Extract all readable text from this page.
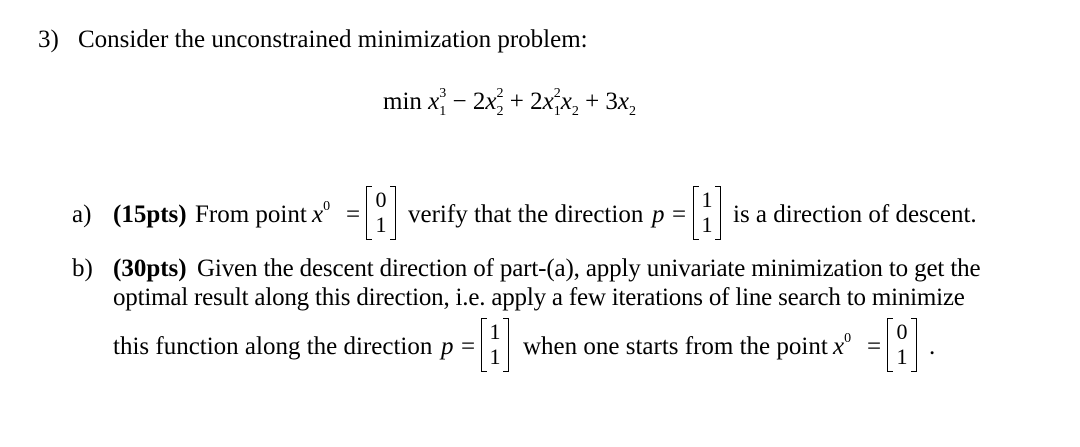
3) Consider the unconstrained minimization problem:
$\min x_1^3 - 2x_2^2 + 2x_1^2x_2 + 3x_2$
a) (15pts) From point $x^0$ =
0
1 verify that the direction p =
1
1 is a direction of descent.
b) (30pts) Given the descent direction of part-(a), apply univariate minimization to get the
optimal result along this direction, i.e. apply a few iterations of line search to minimize
this function along the direction p =
1
1 when one starts from the point $x^0$ =
0
1 .
